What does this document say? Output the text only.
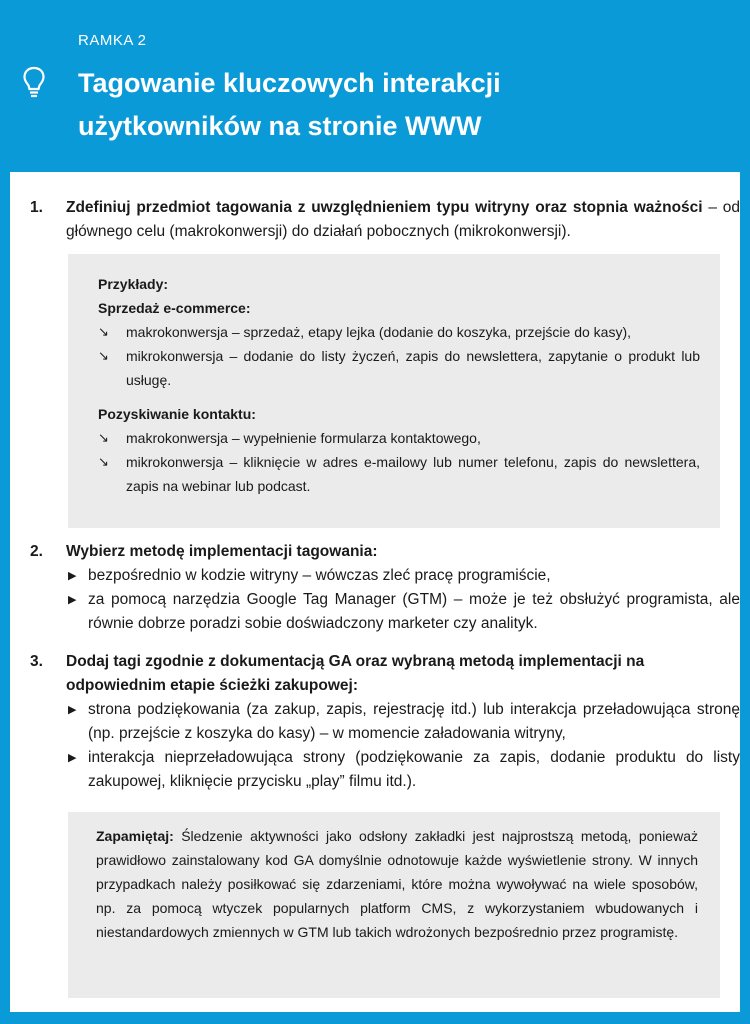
RAMKA 2
Tagowanie kluczowych interakcji
użytkowników na stronie WWW
1. Zdefiniuj przedmiot tagowania z uwzględnieniem typu witryny oraz stopnia ważności – od głównego celu (makrokonwersji) do działań pobocznych (mikrokonwersji).
Przykłady:
Sprzedaż e-commerce:
↘ makrokonwersja – sprzedaż, etapy lejka (dodanie do koszyka, przejście do kasy),
↘ mikrokonwersja – dodanie do listy życzeń, zapis do newslettera, zapytanie o produkt lub usługę.
Pozyskiwanie kontaktu:
↘ makrokonwersja – wypełnienie formularza kontaktowego,
↘ mikrokonwersja – kliknięcie w adres e-mailowy lub numer telefonu, zapis do newslettera, zapis na webinar lub podcast.
2. Wybierz metodę implementacji tagowania:
▶ bezpośrednio w kodzie witryny – wówczas zleć pracę programiście,
▶ za pomocą narzędzia Google Tag Manager (GTM) – może je też obsłużyć programista, ale równie dobrze poradzi sobie doświadczony marketer czy analityk.
3. Dodaj tagi zgodnie z dokumentacją GA oraz wybraną metodą implementacji na odpowiednim etapie ścieżki zakupowej:
▶ strona podziękowania (za zakup, zapis, rejestrację itd.) lub interakcja przeładowująca stronę (np. przejście z koszyka do kasy) – w momencie załadowania witryny,
▶ interakcja nieprzeładowująca strony (podziękowanie za zapis, dodanie produktu do listy zakupowej, kliknięcie przycisku „play” filmu itd.).
Zapamiętaj: Śledzenie aktywności jako odsłony zakładki jest najprostszą metodą, ponieważ prawidłowo zainstalowany kod GA domyślnie odnotowuje każde wyświetlenie strony. W innych przypadkach należy posiłkować się zdarzeniami, które można wywoływać na wiele sposobów, np. za pomocą wtyczek popularnych platform CMS, z wykorzystaniem wbudowanych i niestandardowych zmiennych w GTM lub takich wdrożonych bezpośrednio przez programistę.
